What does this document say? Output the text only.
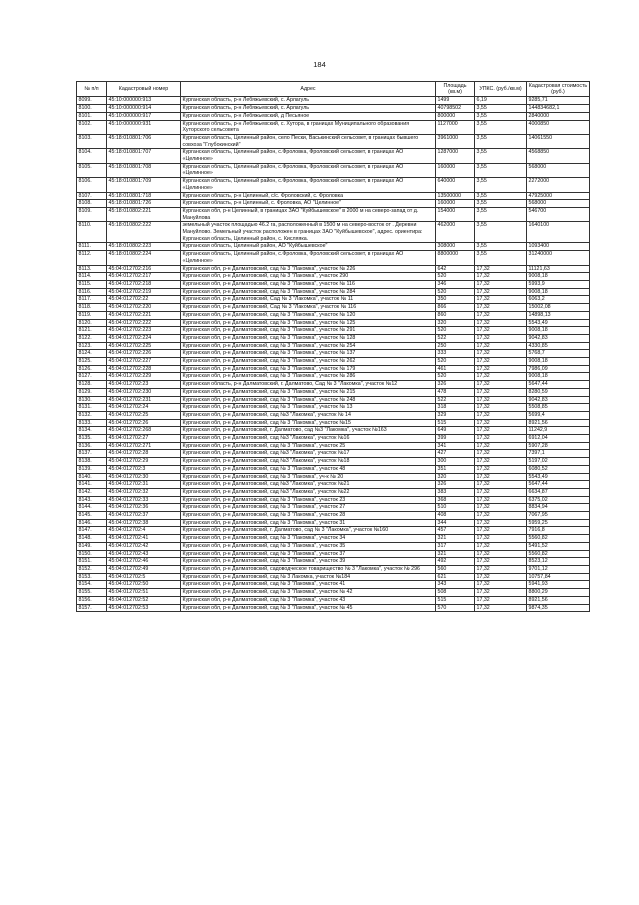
184
№ п/п	Кадастровый номер	Адрес	Площадь (кв.м)	УПКС. (руб./кв.м)	Кадастровая стоимость (руб.)
8099.	45:10:000000:913	Курганская область, р-н Лебяжьевский, с. Арлагуль	1499	6,19	9285,71
8100.	45:10:000000:914	Курганская область, р-н Лебяжьевский, с. Арлагуль	40798502	3,55	144834682,1
8101.	45:10:000000:917	Курганская область, р-н Лебяжьевский, д Песьяное	800000	3,55	2840000
8102.	45:10:000000:931	Курганская область, р-н Лебяжьевский, с. Хутора, в границах Муниципального образования Хуторского сельсовета	1127000	3,55	4000850
8103.	45:18:010801:706	Курганская область, Целинный район, село Пески, Васькинский сельсовет, в границах бывшего совхоза "Глубокинский"	3961000	3,55	14061550
8104.	45:18:010801:707	Курганская область, Целинный район, с.Фроловка, Фроловский сельсовет, в границах АО «Целинное»	1287000	3,55	4568850
8105.	45:18:010801:708	Курганская область, Целинный район, с.Фроловка, Фроловский сельсовет, в границах АО «Целинное»	160000	3,55	568000
8106.	45:18:010801:709	Курганская область, Целинный район, с.Фроловка, Фроловский сельсовет, в границах АО «Целинное»	640000	3,55	2272000
8107.	45:18:010801:718	Курганская область, р-н Целинный, с/с. Фроловский, с. Фроловка	13500000	3,55	47925000
8108.	45:18:010801:726	Курганская область, р-н Целинный, с. Фроловка, АО "Целинное"	160000	3,55	568000
8109.	45:18:010802:221	Курганская обл, р-н Целинный, в границах ЗАО "Куйбышевское" в 2000 м на северо-запад от д. Мануйлова	154000	3,55	546700
8110.	45:18:010802:222	земельный участок площадью 46.2 га, расположенный в 1500 м на северо-восток от . Деревни Мануйлово. Земельный участок расположен в границах ЗАО "Куйбышевское", адрес. ориентира: Курганская область, Целинный район, с. Кисляяка.	462000	3,55	1640100
8111.	45:18:010802:223	Курганская область, Целинный район, АО "Куйбышевское"	308000	3,55	1093400
8112.	45:18:010802:224	Курганская область, Целинный район, с.Фроловка, Фроловский сельсовет, в границах АО «Целинное»	8800000	3,55	31240000
8113.	45:04:012702:216	Курганская обл, р-н Далматовский, сад № 3 "Лакомка", участок № 226	642	17,32	11121,63
8114.	45:04:012702:217	Курганская обл, р-н Далматовский, сад № 3 "Лакомка", участок 290	520	17,32	9008,18
8115.	45:04:012702:218	Курганская обл, р-н Далматовский, сад № 3 "Лакомка", участок № 116	346	17,32	5993,9
8116.	45:04:012702:219	Курганская обл, р-н Далматовский, сад № 3 "Лакомка", участок № 284	520	17,32	9008,18
8117.	45:04:012702:22	Курганская обл, р-н Далматовский, Сад № 3 "Лакомка", участок № 11	350	17,32	6063,2
8118.	45:04:012702:220	Курганская обл, р-н Далматовский, Сад № 3 "Лакомка", участок № 116	866	17,32	15002,08
8119.	45:04:012702:221	Курганская обл, р-н Далматовский, сад № 3 "Лакомка", участок № 120	860	17,32	14898,13
8120.	45:04:012702:222	Курганская обл, р-н Далматовский, сад № 3 "Лакомка", участок № 125	320	17,32	5543,49
8121.	45:04:012702:223	Курганская обл, р-н Далматовский, сад № 3 "Лакомка", участок № 291	520	17,32	9008,18
8122.	45:04:012702:224	Курганская обл, р-н Далматовский, сад № 3 "Лакомка", участок № 128	522	17,32	9042,83
8123.	45:04:012702:225	Курганская обл, р-н Далматовский, сад № 3 "Лакомка", участок № 254	250	17,32	4330,85
8124.	45:04:012702:226	Курганская обл, р-н Далматовский, сад № 3 "Лакомка", участок № 137	333	17,32	5768,7
8125.	45:04:012702:227	Курганская обл, р-н Далматовский, сад № 3 "Лакомка", участок № 262	520	17,32	9008,18
8126.	45:04:012702:228	Курганская обл, р-н Далматовский, сад № 3 "Лакомка", участок № 179	461	17,32	7986,09
8127.	45:04:012702:229	Курганская обл, р-н Далматовский, сад № 3 "Лакомка", участок № 286	520	17,32	9008,18
8128.	45:04:012702:23	Курганская область, р-н Далматовский, г. Далматово, Сад № 3 "Лакомка", участок №12	326	17,32	5647,44
8129.	45:04:012702:230	Курганская обл, р-н Далматовский, сад № 3 "Лакомка", участок № 215	478	17,32	8280,59
8130.	45:04:012702:231	Курганская обл, р-н Далматовский, сад № 3 "Лакомка", участок № 248	522	17,32	9042,83
8131.	45:04:012702:24	Курганская обл, р-н Далматовский, сад № 3 "Лакомка", участок № 13	318	17,32	5508,85
8132.	45:04:012702:25	Курганская обл, р-н Далматовский, сад №3 "Лакомка", участок № 14	329	17,32	5699,4
8133.	45:04:012702:26	Курганская обл, р-н Далматовский, сад № 3 "Лакомка", участок №15	515	17,32	8921,56
8134.	45:04:012702:268	Курганская обл, р-н Далматовский, г. Далматово, сад №3 "Лакомка", участок №163	649	17,32	11242,9
8135.	45:04:012702:27	Курганская обл, р-н Далматовский, сад №3 "Лакомка", участок №16	399	17,32	6912,04
8136.	45:04:012702:271	Курганская обл, р-н Далматовский, сад № 3 "Лакомка", участок 25	341	17,32	5907,28
8137.	45:04:012702:28	Курганская обл, р-н Далматовский, сад №3 "Лакомка", участок №17	427	17,32	7397,1
8138.	45:04:012702:29	Курганская обл, р-н Далматовский, сад №3 "Лакомка", участок №18	300	17,32	5197,02
8139.	45:04:012702:3	Курганская обл, р-н Далматовский, сад № 3 "Лакомка", участок 48	351	17,32	6080,52
8140.	45:04:012702:30	Курганская обл, р-н Далматовский, сад № 3 "Лакомка", уч-к № 20	320	17,32	5543,49
8141.	45:04:012702:31	Курганская обл, р-н Далматовский, сад №3 "Лакомка", участок №21	326	17,32	5647,44
8142.	45:04:012702:32	Курганская обл, р-н Далматовский, сад №3 "Лакомка", участок №22	383	17,32	6634,87
8143.	45:04:012702:33	Курганская обл, р-н Далматовский, сад № 3 "Лакомка", участок 23	368	17,32	6375,02
8144.	45:04:012702:36	Курганская обл, р-н Далматовский, сад № 3 "Лакомка", участок 27	510	17,32	8834,94
8145.	45:04:012702:37	Курганская обл, р-н Далматовский, сад № 3 "Лакомка", участок 28	408	17,32	7067,95
8146.	45:04:012702:38	Курганская обл, р-н Далматовский, сад № 3 "Лакомка", участок 31	344	17,32	5959,25
8147.	45:04:012702:4	Курганская обл, р-н Далматовский, г. Далматово, сад № 3 "Лакомка", участок №160	457	17,32	7916,8
8148.	45:04:012702:41	Курганская обл, р-н Далматовский, сад № 3 "Лакомка", участок 34	321	17,32	5560,82
8149.	45:04:012702:42	Курганская обл, р-н Далматовский, сад № 3 "Лакомка", участок 35	317	17,32	5491,52
8150.	45:04:012702:43	Курганская обл, р-н Далматовский, сад № 3 "Лакомка", участок 37	321	17,32	5560,82
8151.	45:04:012702:46	Курганская обл, р-н Далматовский, сад № 3 "Лакомка", участок 39	492	17,32	8523,12
8152.	45:04:012702:49	Курганская обл, р-н Далматовский, садоводческое товарищество № 3 "Лакомка", участок № 296	560	17,32	9701,12
8153.	45:04:012702:5	Курганская обл, р-н Далматовский, сад № 3 Лакомка, участок №184	621	17,32	10757,84
8154.	45:04:012702:50	Курганская обл, р-н Далматовский, сад № 3 "Лакомка", участок 41	343	17,32	5941,93
8155.	45:04:012702:51	Курганская обл, р-н Далматовский, сад № 3 "Лакомка", участок № 42	508	17,32	8800,29
8156.	45:04:012702:52	Курганская обл, р-н Далматовский, сад № 3 "Лакомка", участок 43	515	17,32	8921,56
8157.	45:04:012702:53	Курганская обл, р-н Далматовский, сад № 3 "Лакомка", участок № 45	570	17,32	9874,35
